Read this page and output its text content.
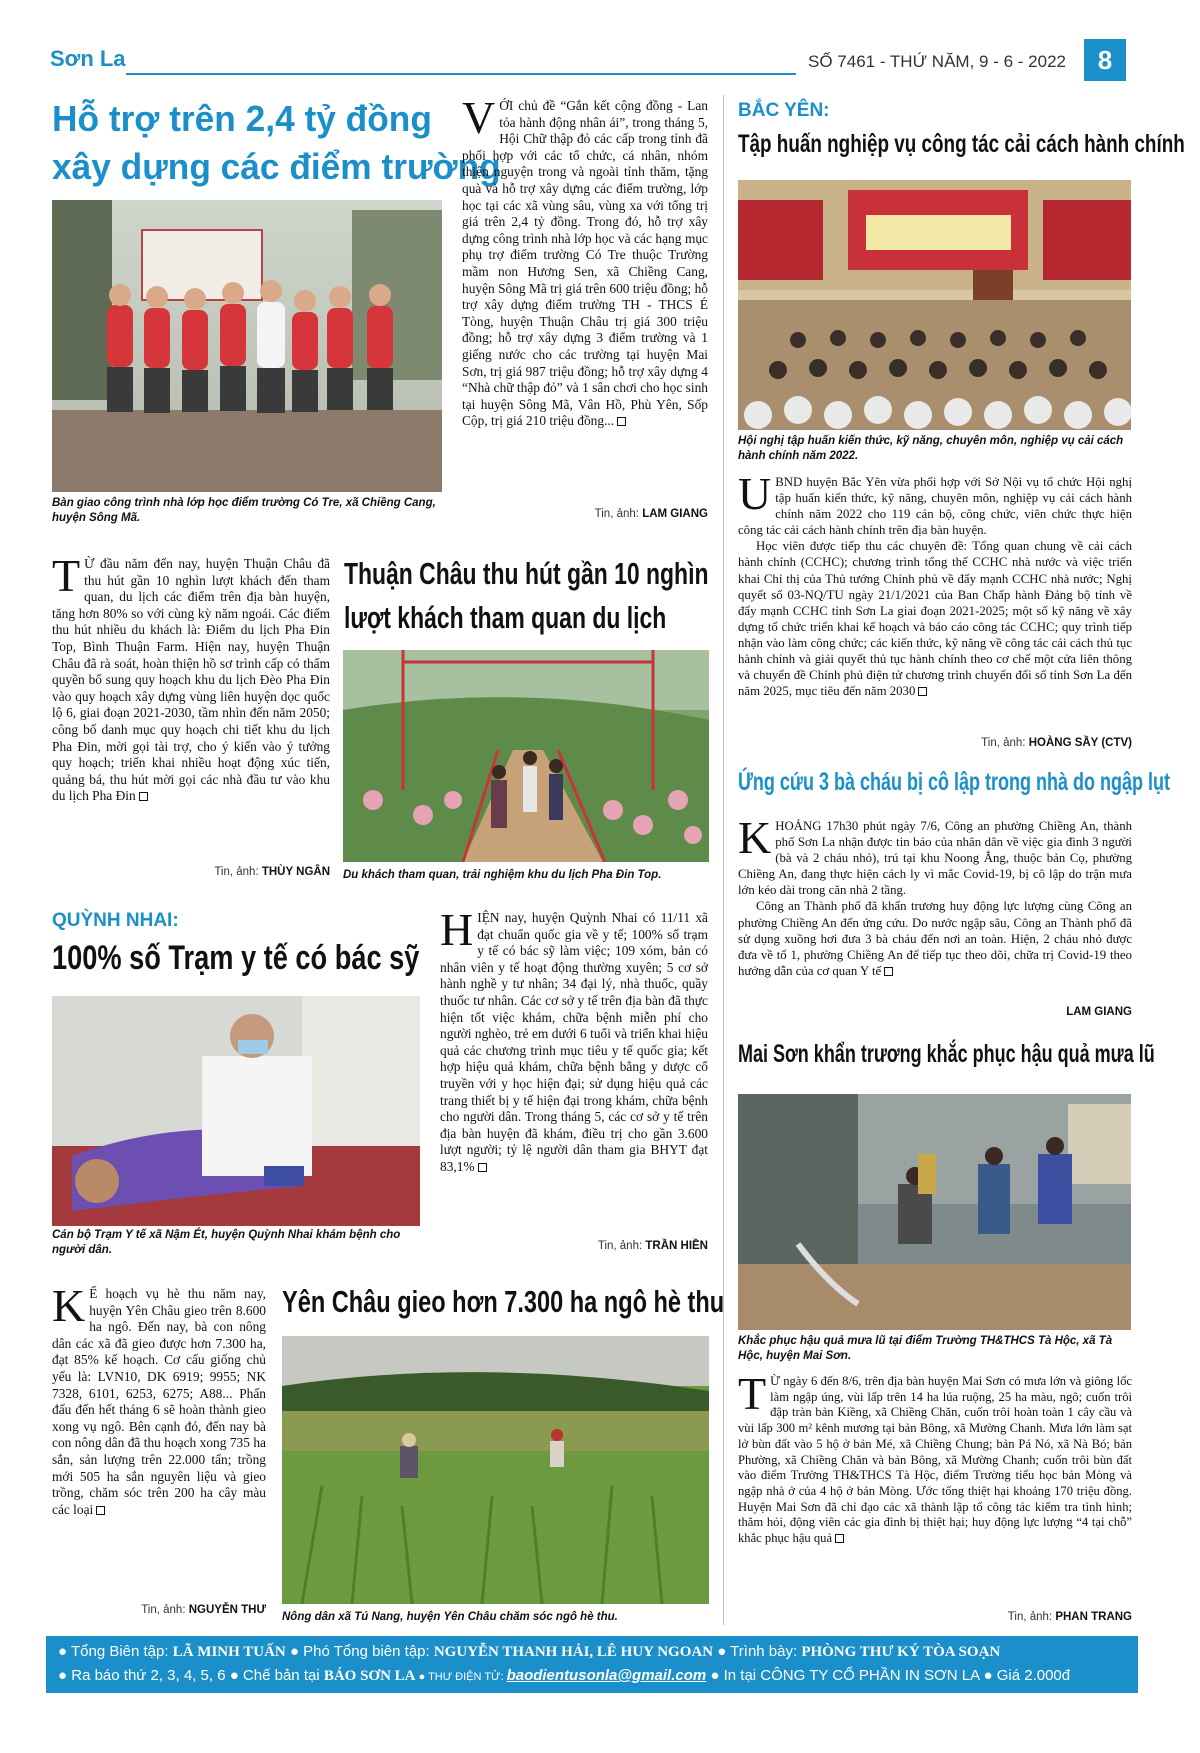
Sơn La	SỐ 7461 - THỨ NĂM, 9 - 6 - 2022	8
Hỗ trợ trên 2,4 tỷ đồng
xây dựng các điểm trường
Bàn giao công trình nhà lớp học điểm trường Có Tre, xã Chiềng Cang, huyện Sông Mã.

VỚI chủ đề “Gắn kết cộng đồng - Lan tỏa hành động nhân ái”, trong tháng 5, Hội Chữ thập đỏ các cấp trong tỉnh đã phối hợp với các tổ chức, cá nhân, nhóm thiện nguyện trong và ngoài tỉnh thăm, tặng quà và hỗ trợ xây dựng các điểm trường, lớp học tại các xã vùng sâu, vùng xa với tổng trị giá trên 2,4 tỷ đồng. Trong đó, hỗ trợ xây dựng công trình nhà lớp học và các hạng mục phụ trợ điểm trường Có Tre thuộc Trường mầm non Hương Sen, xã Chiềng Cang, huyện Sông Mã trị giá trên 600 triệu đồng; hỗ trợ xây dựng điểm trường TH - THCS É Tòng, huyện Thuận Châu trị giá 300 triệu đồng; hỗ trợ xây dựng 3 điểm trường và 1 giếng nước cho các trường tại huyện Mai Sơn, trị giá 987 triệu đồng; hỗ trợ xây dựng 4 “Nhà chữ thập đỏ” và 1 sân chơi cho học sinh tại huyện Sông Mã, Vân Hồ, Phù Yên, Sốp Cộp, trị giá 210 triệu đồng...

Tin, ảnh: LAM GIANG
BẮC YÊN:
Tập huấn nghiệp vụ công tác cải cách hành chính
Hội nghị tập huấn kiến thức, kỹ năng, chuyên môn, nghiệp vụ cải cách hành chính năm 2022.

UBND huyện Bắc Yên vừa phối hợp với Sở Nội vụ tổ chức Hội nghị tập huấn kiến thức, kỹ năng, chuyên môn, nghiệp vụ cải cách hành chính năm 2022 cho 119 cán bộ, công chức, viên chức thực hiện công tác cải cách hành chính trên địa bàn huyện.

Học viên được tiếp thu các chuyên đề: Tổng quan chung về cải cách hành chính (CCHC); chương trình tổng thể CCHC nhà nước và việc triển khai Chỉ thị của Thủ tướng Chính phủ về đẩy mạnh CCHC nhà nước; Nghị quyết số 03-NQ/TU ngày 21/1/2021 của Ban Chấp hành Đảng bộ tỉnh về đẩy mạnh CCHC tỉnh Sơn La giai đoạn 2021-2025; một số kỹ năng về xây dựng tổ chức triển khai kế hoạch và báo cáo công tác CCHC; quy trình tiếp nhận vào làm công chức; các kiến thức, kỹ năng về công tác cải cách thủ tục hành chính và giải quyết thủ tục hành chính theo cơ chế một cửa liên thông và chuyển đề Chính phủ điện tử chương trình chuyển đổi số tỉnh Sơn La đến năm 2025, mục tiêu đến năm 2030

Tin, ảnh: HOÀNG SẦY (CTV)

T Ừ đầu năm đến nay, huyện Thuận Châu đã thu hút gần 10 nghìn lượt khách đến tham quan, du lịch các điểm trên địa bàn huyện, tăng hơn 80% so với cùng kỳ năm ngoái. Các điểm thu hút nhiều du khách là: Điểm du lịch Pha Đin Top, Bình Thuận Farm. Hiện nay, huyện Thuận Châu đã rà soát, hoàn thiện hồ sơ trình cấp có thẩm quyền bổ sung quy hoạch khu du lịch Đèo Pha Đin vào quy hoạch xây dựng vùng liên huyện dọc quốc lộ 6, giai đoạn 2021-2030, tầm nhìn đến năm 2050; công bố danh mục quy hoạch chi tiết khu du lịch Pha Đin, mời gọi tài trợ, cho ý kiến vào ý tưởng quy hoạch; triển khai nhiều hoạt động xúc tiến, quảng bá, thu hút mời gọi các nhà đầu tư vào khu du lịch Pha Đin

Tin, ảnh: THÙY NGÂN
Thuận Châu thu hút gần 10 nghìn
lượt khách tham quan du lịch
Du khách tham quan, trải nghiệm khu du lịch Pha Đin Top.
Ứng cứu 3 bà cháu bị cô lập trong nhà do ngập lụt

KHOẢNG 17h30 phút ngày 7/6, Công an phường Chiềng An, thành phố Sơn La nhận được tin báo của nhân dân về việc gia đình 3 người (bà và 2 cháu nhỏ), trú tại khu Noong Ẳng, thuộc bản Cọ, phường Chiềng An, đang thực hiện cách ly vì mắc Covid-19, bị cô lập do trận mưa lớn kéo dài trong căn nhà 2 tầng.

Công an Thành phố đã khẩn trương huy động lực lượng cùng Công an phường Chiềng An đến ứng cứu. Do nước ngập sâu, Công an Thành phố đã sử dụng xuồng hơi đưa 3 bà cháu đến nơi an toàn. Hiện, 2 cháu nhỏ được đưa về tổ 1, phường Chiềng An để tiếp tục theo dõi, chữa trị Covid-19 theo hướng dẫn của cơ quan Y tế

LAM GIANG
QUỲNH NHAI:
100% số Trạm y tế có bác sỹ
Cán bộ Trạm Y tế xã Nậm Ét, huyện Quỳnh Nhai khám bệnh cho người dân.

HIỆN nay, huyện Quỳnh Nhai có 11/11 xã đạt chuẩn quốc gia về y tế; 100% số trạm y tế có bác sỹ làm việc; 109 xóm, bản có nhân viên y tế hoạt động thường xuyên; 5 cơ sở hành nghề y tư nhân; 34 đại lý, nhà thuốc, quầy thuốc tư nhân. Các cơ sở y tế trên địa bàn đã thực hiện tốt việc khám, chữa bệnh miễn phí cho người nghèo, trẻ em dưới 6 tuổi và triển khai hiệu quả các chương trình mục tiêu y tế quốc gia; kết hợp hiệu quả khám, chữa bệnh bằng y dược cổ truyền với y học hiện đại; sử dụng hiệu quả các trang thiết bị y tế hiện đại trong khám, chữa bệnh cho người dân. Trong tháng 5, các cơ sở y tế trên địa bàn huyện đã khám, điều trị cho gần 3.600 lượt người; tỷ lệ người dân tham gia BHYT đạt 83,1%

Tin, ảnh: TRẦN HIỀN
Mai Sơn khẩn trương khắc phục hậu quả mưa lũ
Khắc phục hậu quả mưa lũ tại điểm Trường TH&THCS Tà Hộc, xã Tà Hộc, huyện Mai Sơn.

T Ừ ngày 6 đến 8/6, trên địa bàn huyện Mai Sơn có mưa lớn và giông lốc làm ngập úng, vùi lấp trên 14 ha lúa ruộng, 25 ha màu, ngô; cuốn trôi đập tràn bản Kiềng, xã Chiềng Chăn, cuốn trôi hoàn toàn 1 cây cầu và vùi lấp 300 m² kênh mương tại bản Bông, xã Mường Chanh. Mưa lớn làm sạt lở bùn đất vào 5 hộ ở bản Mé, xã Chiềng Chung; bản Pá Nó, xã Nà Bó; bản Phường, xã Chiềng Chăn và bản Bông, xã Mường Chanh; cuốn trôi bùn đất vào điểm Trường TH&THCS Tà Hộc, điểm Trường tiểu học bản Mòng và ngập nhà ở của 4 hộ ở bản Mòng. Ước tổng thiệt hại khoảng 170 triệu đồng. Huyện Mai Sơn đã chỉ đạo các xã thành lập tổ công tác kiểm tra tình hình; thăm hỏi, động viên các gia đình bị thiệt hại; huy động lực lượng “4 tại chỗ” khắc phục hậu quả

Tin, ảnh: PHAN TRANG

K Ế hoạch vụ hè thu năm nay, huyện Yên Châu gieo trên 8.600 ha ngô. Đến nay, bà con nông dân các xã đã gieo được hơn 7.300 ha, đạt 85% kế hoạch. Cơ cấu giống chủ yếu là: LVN10, DK 6919; 9955; NK 7328, 6101, 6253, 6275; A88... Phấn đấu đến hết tháng 6 sẽ hoàn thành gieo xong vụ ngô. Bên cạnh đó, đến nay bà con nông dân đã thu hoạch xong 735 ha sắn, sản lượng trên 22.000 tấn; trồng mới 505 ha sắn nguyên liệu và gieo trồng, chăm sóc trên 200 ha cây màu các loại

Tin, ảnh: NGUYỄN THƯ
Yên Châu gieo hơn 7.300 ha ngô hè thu
Nông dân xã Tú Nang, huyện Yên Châu chăm sóc ngô hè thu.
● Tổng Biên tập: LÃ MINH TUẤN ● Phó Tổng biên tập: NGUYỄN THANH HẢI, LÊ HUY NGOAN ● Trình bày: PHÒNG THƯ KÝ TÒA SOẠN
● Ra báo thứ 2, 3, 4, 5, 6 ● Chế bản tại BÁO SƠN LA ● THƯ ĐIỆN TỬ: baodientusonla@gmail.com ● In tại CÔNG TY CỔ PHẦN IN SƠN LA ● Giá 2.000đ
